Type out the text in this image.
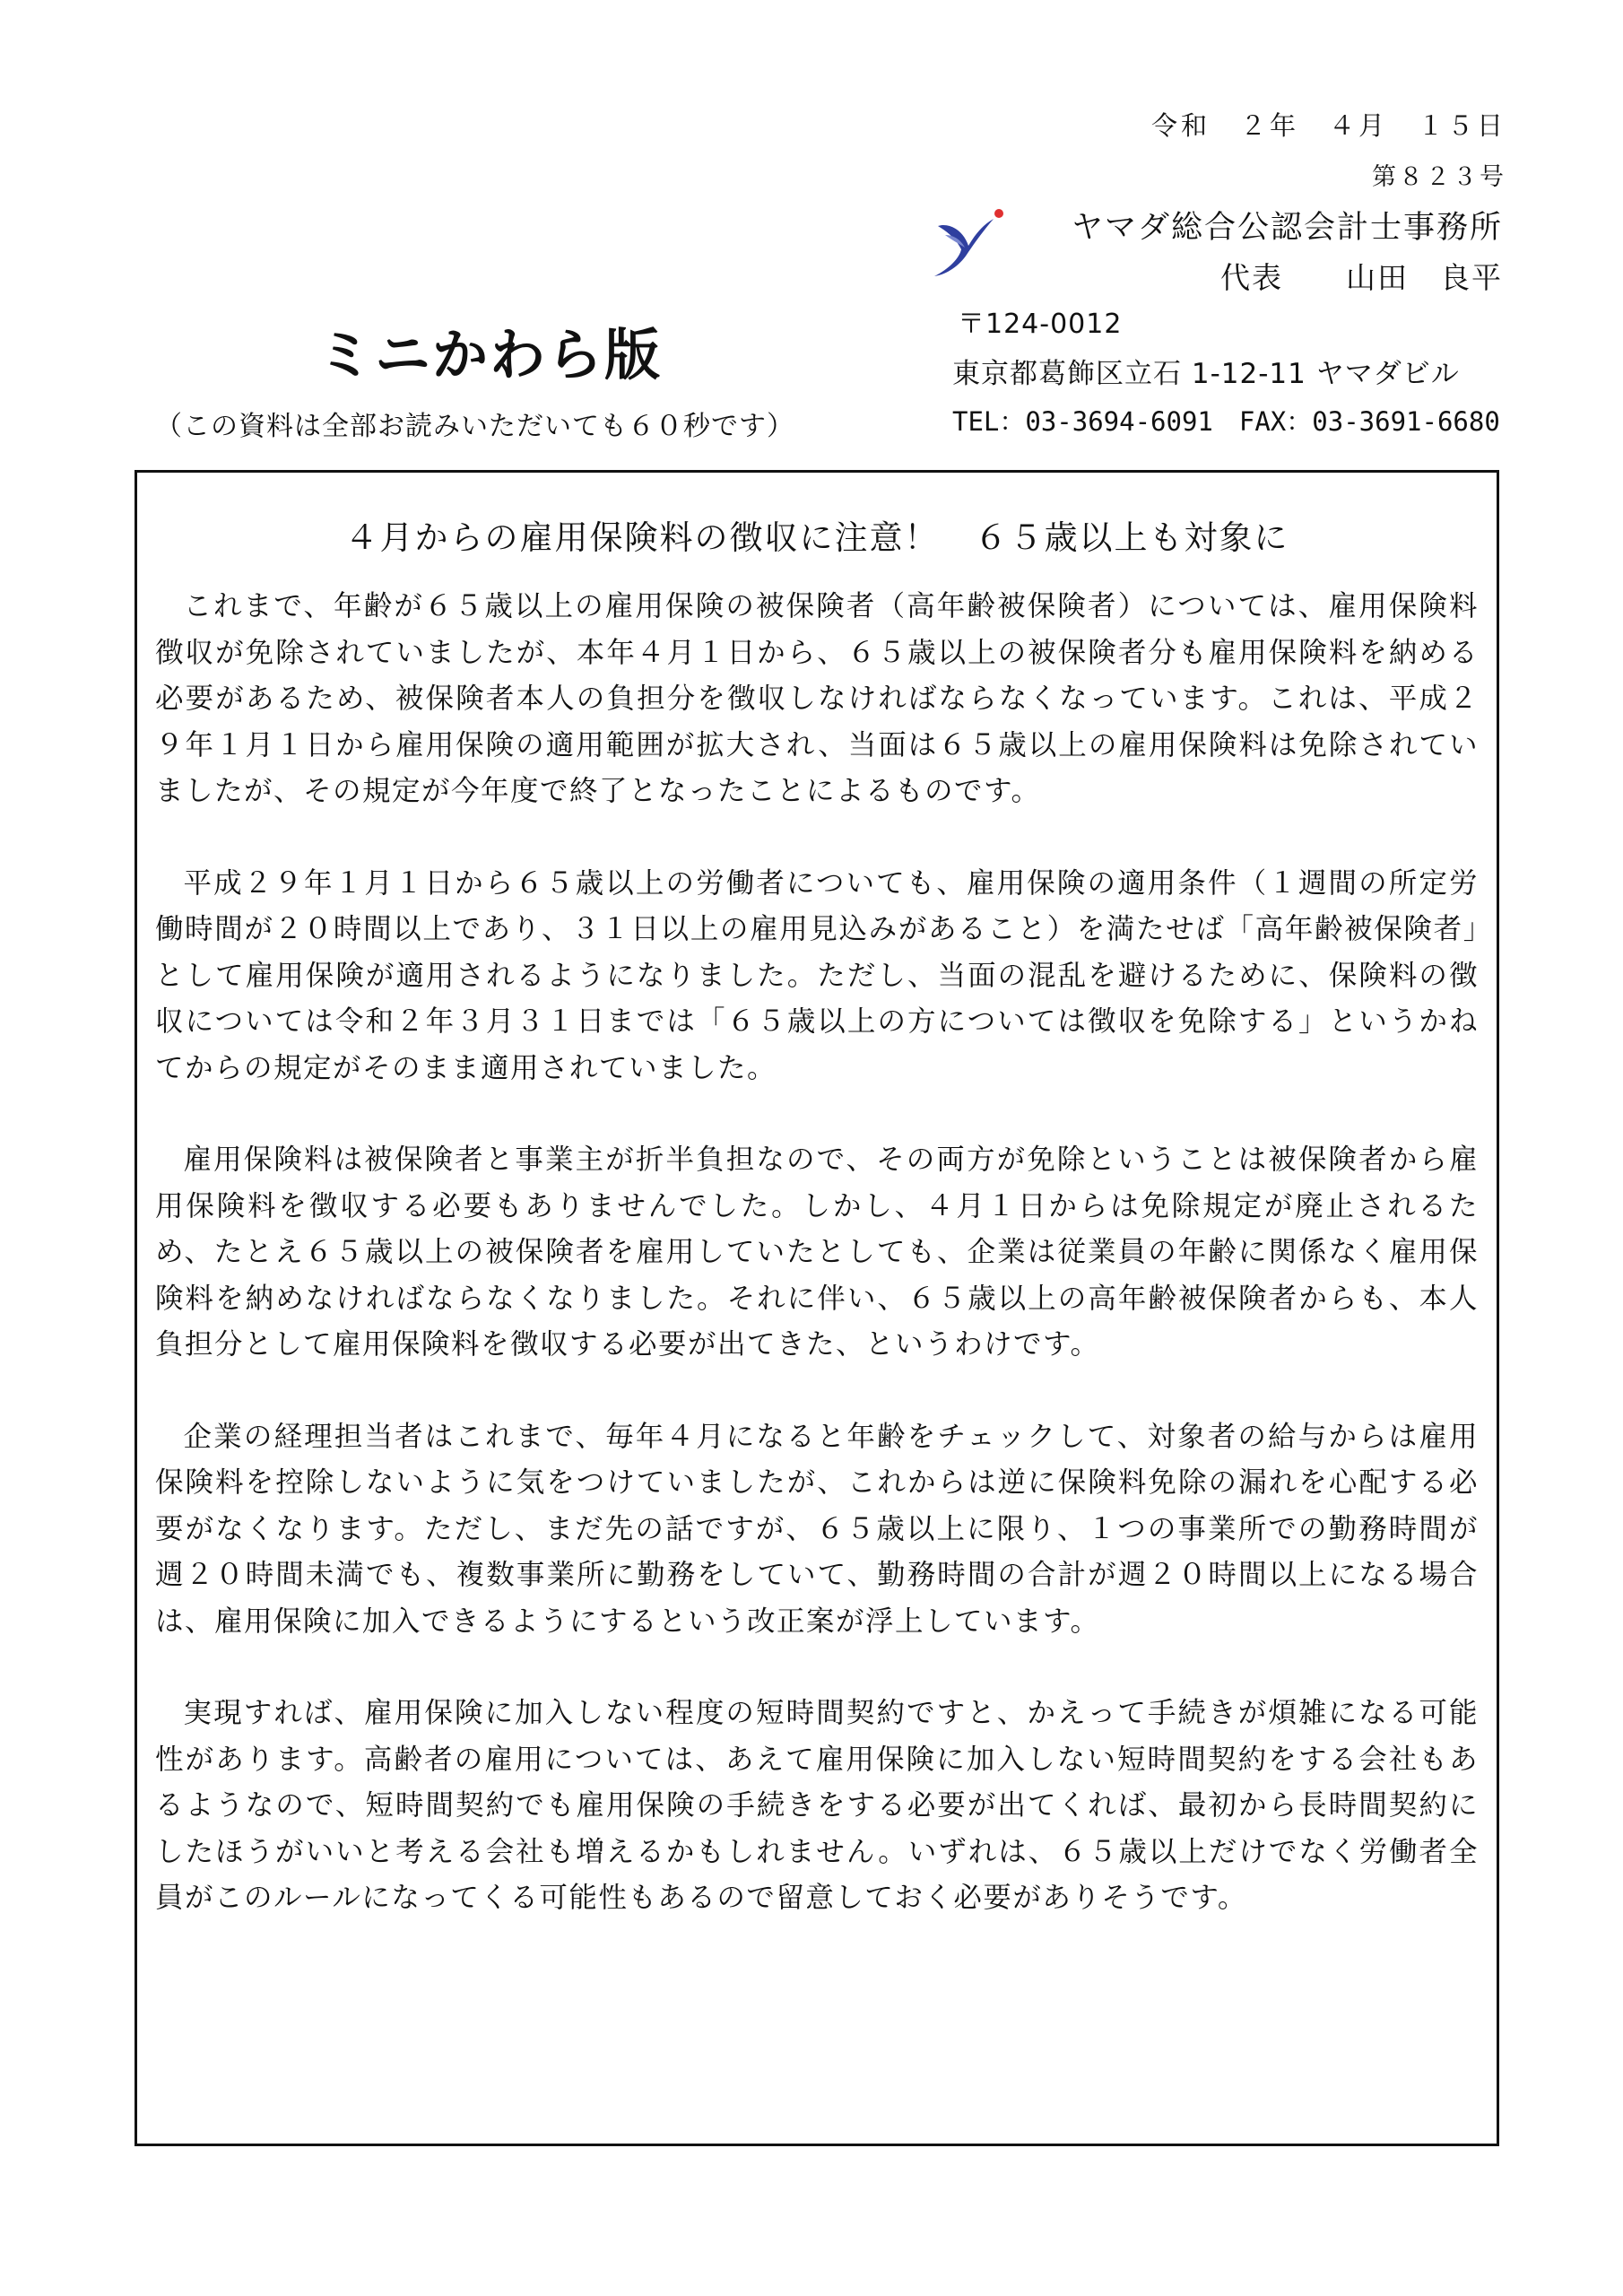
令和　２年　４月　１５日
第８２３号
ヤマダ総合公認会計士事務所
代表　　山田　良平
〒124-0012
東京都葛飾区立石 1-12-11 ヤマダビル
TEL：03-3694-6091　FAX：03-3691-6680
ミニかわら版
（この資料は全部お読みいただいても６０秒です）
４月からの雇用保険料の徴収に注意！　６５歳以上も対象に

これまで、年齢が６５歳以上の雇用保険の被保険者（高年齢被保険者）については、雇用保険料徴収が免除されていましたが、本年４月１日から、６５歳以上の被保険者分も雇用保険料を納める必要があるため、被保険者本人の負担分を徴収しなければならなくなっています。これは、平成２９年１月１日から雇用保険の適用範囲が拡大され、当面は６５歳以上の雇用保険料は免除されていましたが、その規定が今年度で終了となったことによるものです。

平成２９年１月１日から６５歳以上の労働者についても、雇用保険の適用条件（１週間の所定労働時間が２０時間以上であり、３１日以上の雇用見込みがあること）を満たせば「高年齢被保険者」として雇用保険が適用されるようになりました。ただし、当面の混乱を避けるために、保険料の徴収については令和２年３月３１日までは「６５歳以上の方については徴収を免除する」というかねてからの規定がそのまま適用されていました。

雇用保険料は被保険者と事業主が折半負担なので、その両方が免除ということは被保険者から雇用保険料を徴収する必要もありませんでした。しかし、４月１日からは免除規定が廃止されるため、たとえ６５歳以上の被保険者を雇用していたとしても、企業は従業員の年齢に関係なく雇用保険料を納めなければならなくなりました。それに伴い、６５歳以上の高年齢被保険者からも、本人負担分として雇用保険料を徴収する必要が出てきた、というわけです。

企業の経理担当者はこれまで、毎年４月になると年齢をチェックして、対象者の給与からは雇用保険料を控除しないように気をつけていましたが、これからは逆に保険料免除の漏れを心配する必要がなくなります。ただし、まだ先の話ですが、６５歳以上に限り、１つの事業所での勤務時間が週２０時間未満でも、複数事業所に勤務をしていて、勤務時間の合計が週２０時間以上になる場合は、雇用保険に加入できるようにするという改正案が浮上しています。

実現すれば、雇用保険に加入しない程度の短時間契約ですと、かえって手続きが煩雑になる可能性があります。高齢者の雇用については、あえて雇用保険に加入しない短時間契約をする会社もあるようなので、短時間契約でも雇用保険の手続きをする必要が出てくれば、最初から長時間契約にしたほうがいいと考える会社も増えるかもしれません。いずれは、６５歳以上だけでなく労働者全員がこのルールになってくる可能性もあるので留意しておく必要がありそうです。
